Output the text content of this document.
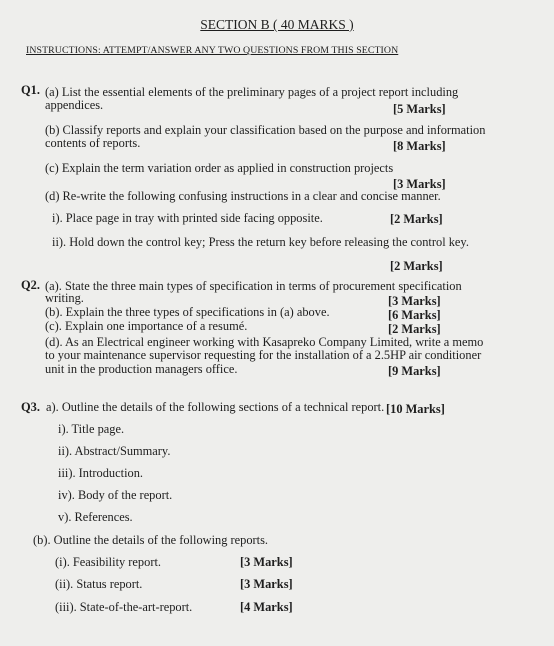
SECTION B ( 40 MARKS )
INSTRUCTIONS: ATTEMPT/ANSWER ANY TWO QUESTIONS FROM THIS SECTION
Q1. (a) List the essential elements of the preliminary pages of a project report including
appendices.	[5 Marks]
(b) Classify reports and explain your classification based on the purpose and information
contents of reports.	[8 Marks]
(c) Explain the term variation order as applied in construction projects
[3 Marks]
(d) Re-write the following confusing instructions in a clear and concise manner.
i). Place page in tray with printed side facing opposite.	[2 Marks]
ii). Hold down the control key; Press the return key before releasing the control key.
[2 Marks]
Q2. (a). State the three main types of specification in terms of procurement specification
writing.	[3 Marks]
(b). Explain the three types of specifications in (a) above.	[6 Marks]
(c). Explain one importance of a resumé.	[2 Marks]
(d). As an Electrical engineer working with Kasapreko Company Limited, write a memo
to your maintenance supervisor requesting for the installation of a 2.5HP air conditioner
unit in the production managers office.	[9 Marks]
Q3. a). Outline the details of the following sections of a technical report. [10 Marks]
i). Title page.
ii). Abstract/Summary.
iii). Introduction.
iv). Body of the report.
v). References.
(b). Outline the details of the following reports.
(i). Feasibility report.	[3 Marks]
(ii). Status report.	[3 Marks]
(iii). State-of-the-art-report.	[4 Marks]
